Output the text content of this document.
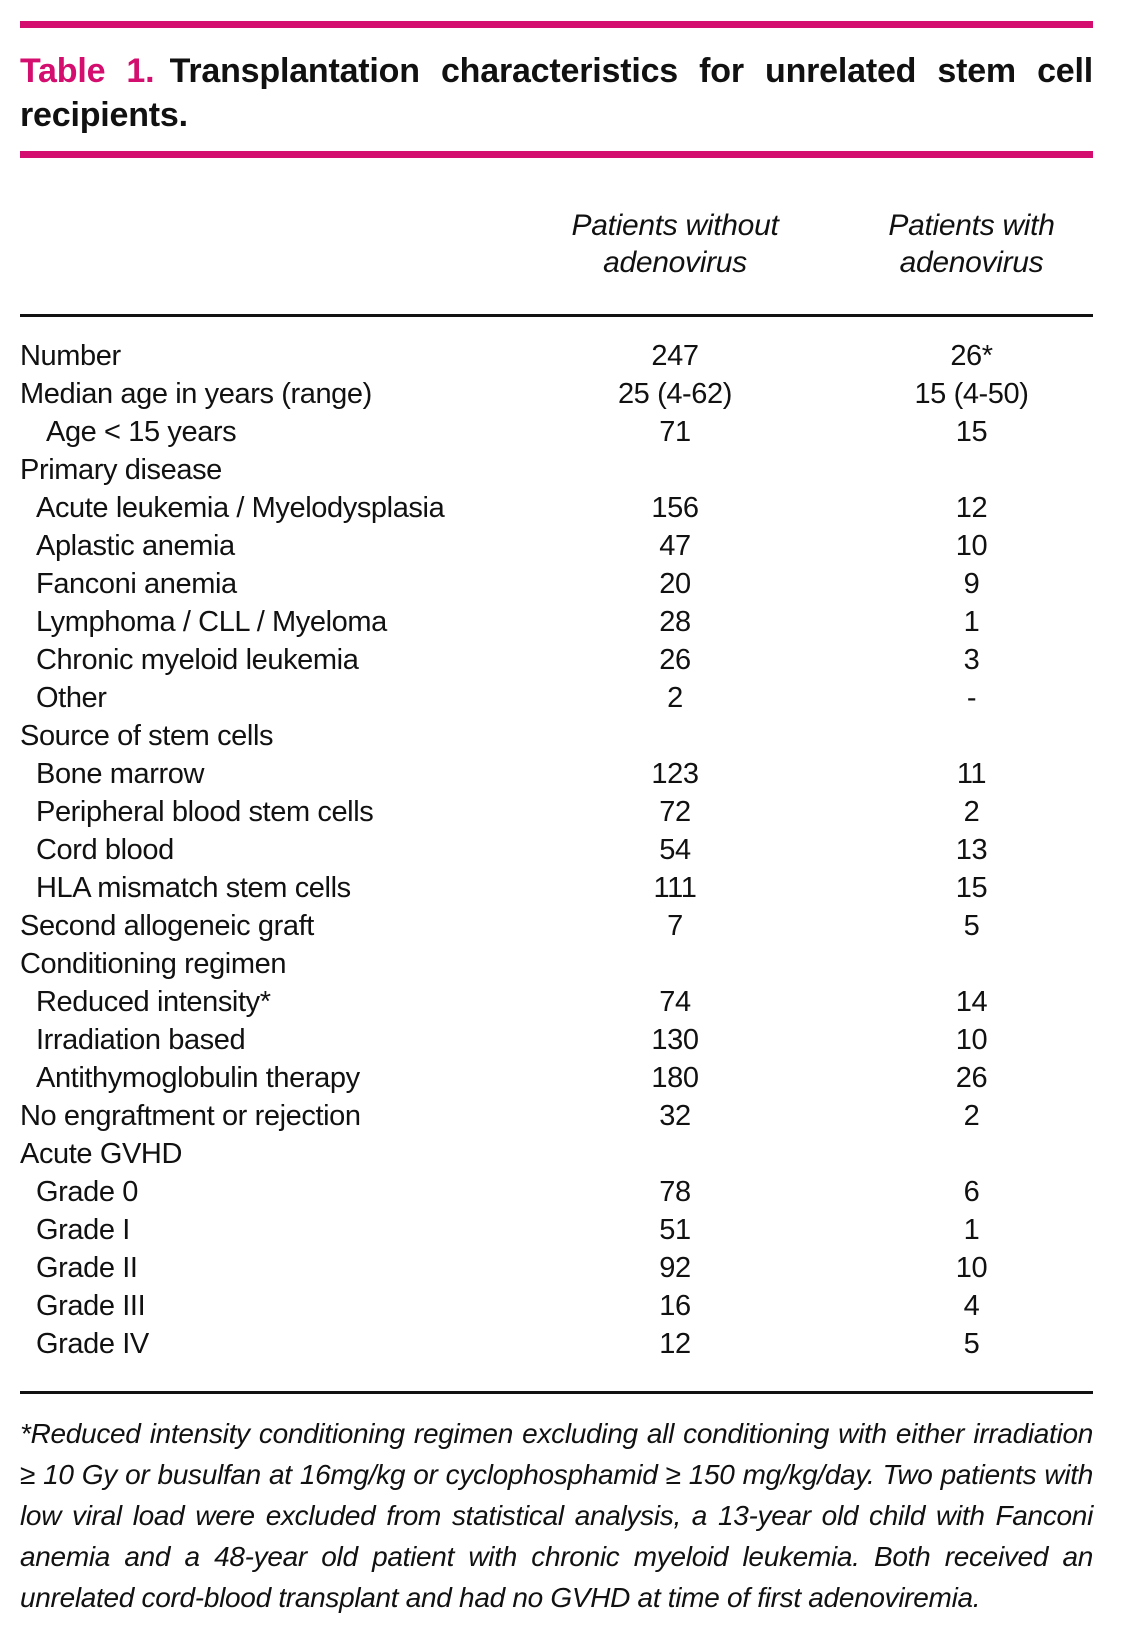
Table 1. Transplantation characteristics for unrelated stem cell recipients.
Patients without
adenovirus
Patients with
adenovirus
Number	247	26*
Median age in years (range)	25 (4-62)	15 (4-50)
Age < 15 years	71	15
Primary disease
Acute leukemia / Myelodysplasia	156	12
Aplastic anemia	47	10
Fanconi anemia	20	9
Lymphoma / CLL / Myeloma	28	1
Chronic myeloid leukemia	26	3
Other	2	-
Source of stem cells
Bone marrow	123	11
Peripheral blood stem cells	72	2
Cord blood	54	13
HLA mismatch stem cells	111	15
Second allogeneic graft	7	5
Conditioning regimen
Reduced intensity*	74	14
Irradiation based	130	10
Antithymoglobulin therapy	180	26
No engraftment or rejection	32	2
Acute GVHD
Grade 0	78	6
Grade I	51	1
Grade II	92	10
Grade III	16	4
Grade IV	12	5
*Reduced intensity conditioning regimen excluding all conditioning with either irradiation ≥ 10 Gy or busulfan at 16mg/kg or cyclophosphamid ≥ 150 mg/kg/day. Two patients with low viral load were excluded from statistical analysis, a 13-year old child with Fanconi anemia and a 48-year old patient with chronic myeloid leukemia. Both received an unrelated cord-blood transplant and had no GVHD at time of first adenoviremia.
